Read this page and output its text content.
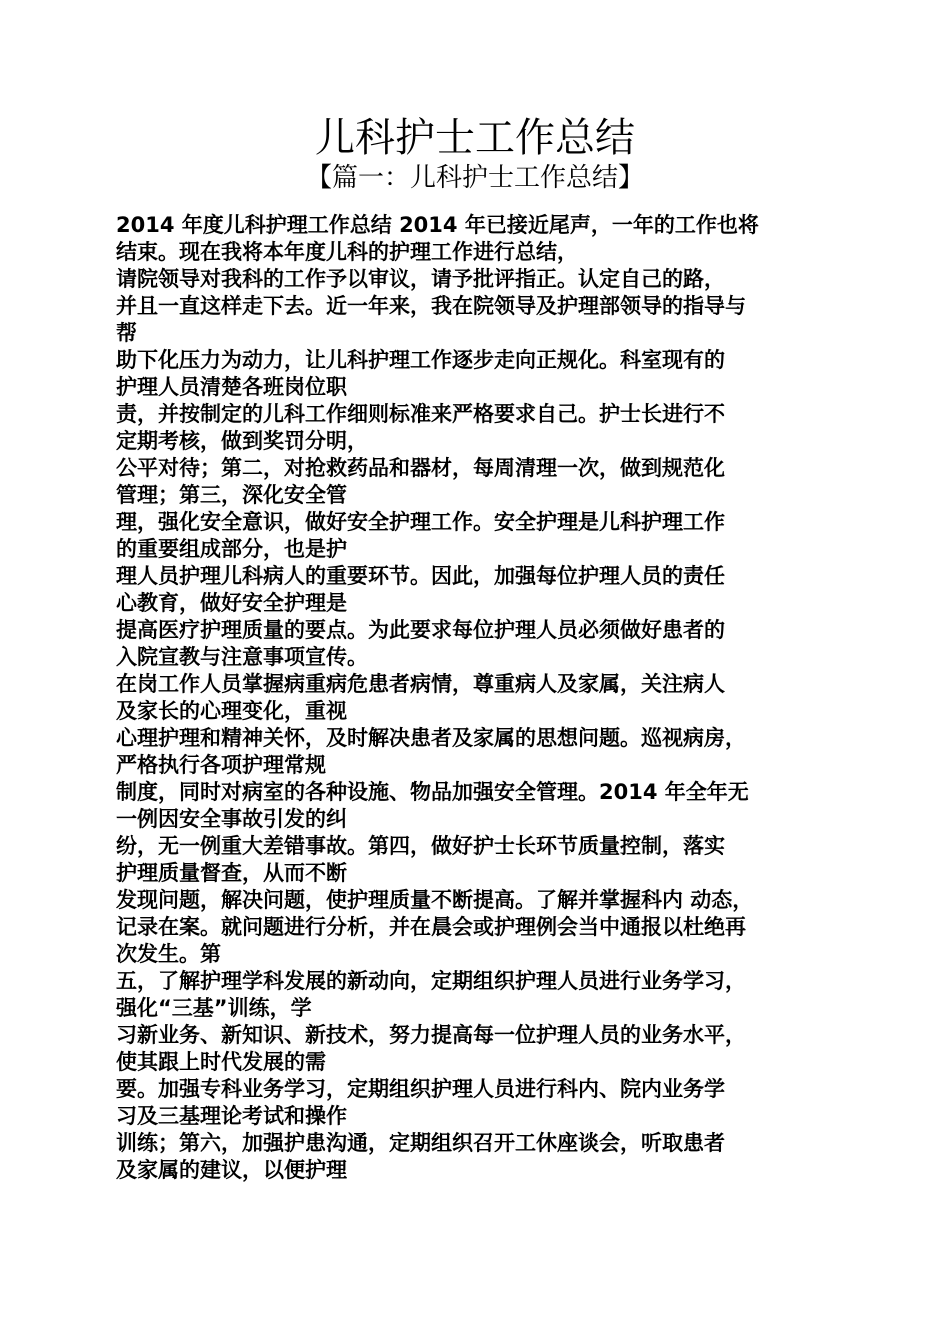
儿科护士工作总结
【篇一：儿科护士工作总结】
2014 年度儿科护理工作总结 2014 年已接近尾声，一年的工作也将
结束。现在我将本年度儿科的护理工作进行总结，
请院领导对我科的工作予以审议，请予批评指正。认定自己的路，
并且一直这样走下去。近一年来，我在院领导及护理部领导的指导与
帮
助下化压力为动力，让儿科护理工作逐步走向正规化。科室现有的
护理人员清楚各班岗位职
责，并按制定的儿科工作细则标准来严格要求自己。护士长进行不
定期考核，做到奖罚分明，
公平对待；第二，对抢救药品和器材，每周清理一次，做到规范化
管理；第三，深化安全管
理，强化安全意识，做好安全护理工作。安全护理是儿科护理工作
的重要组成部分，也是护
理人员护理儿科病人的重要环节。因此，加强每位护理人员的责任
心教育，做好安全护理是
提高医疗护理质量的要点。为此要求每位护理人员必须做好患者的
入院宣教与注意事项宣传。
在岗工作人员掌握病重病危患者病情，尊重病人及家属，关注病人
及家长的心理变化，重视
心理护理和精神关怀，及时解决患者及家属的思想问题。巡视病房，
严格执行各项护理常规
制度，同时对病室的各种设施、物品加强安全管理。2014 年全年无
一例因安全事故引发的纠
纷，无一例重大差错事故。第四，做好护士长环节质量控制，落实
护理质量督查，从而不断
发现问题，解决问题，使护理质量不断提高。了解并掌握科内 动态，
记录在案。就问题进行分析，并在晨会或护理例会当中通报以杜绝再
次发生。第
五，了解护理学科发展的新动向，定期组织护理人员进行业务学习，
强化“三基”训练，学
习新业务、新知识、新技术，努力提高每一位护理人员的业务水平，
使其跟上时代发展的需
要。加强专科业务学习，定期组织护理人员进行科内、院内业务学
习及三基理论考试和操作
训练；第六，加强护患沟通，定期组织召开工休座谈会，听取患者
及家属的建议，以便护理
